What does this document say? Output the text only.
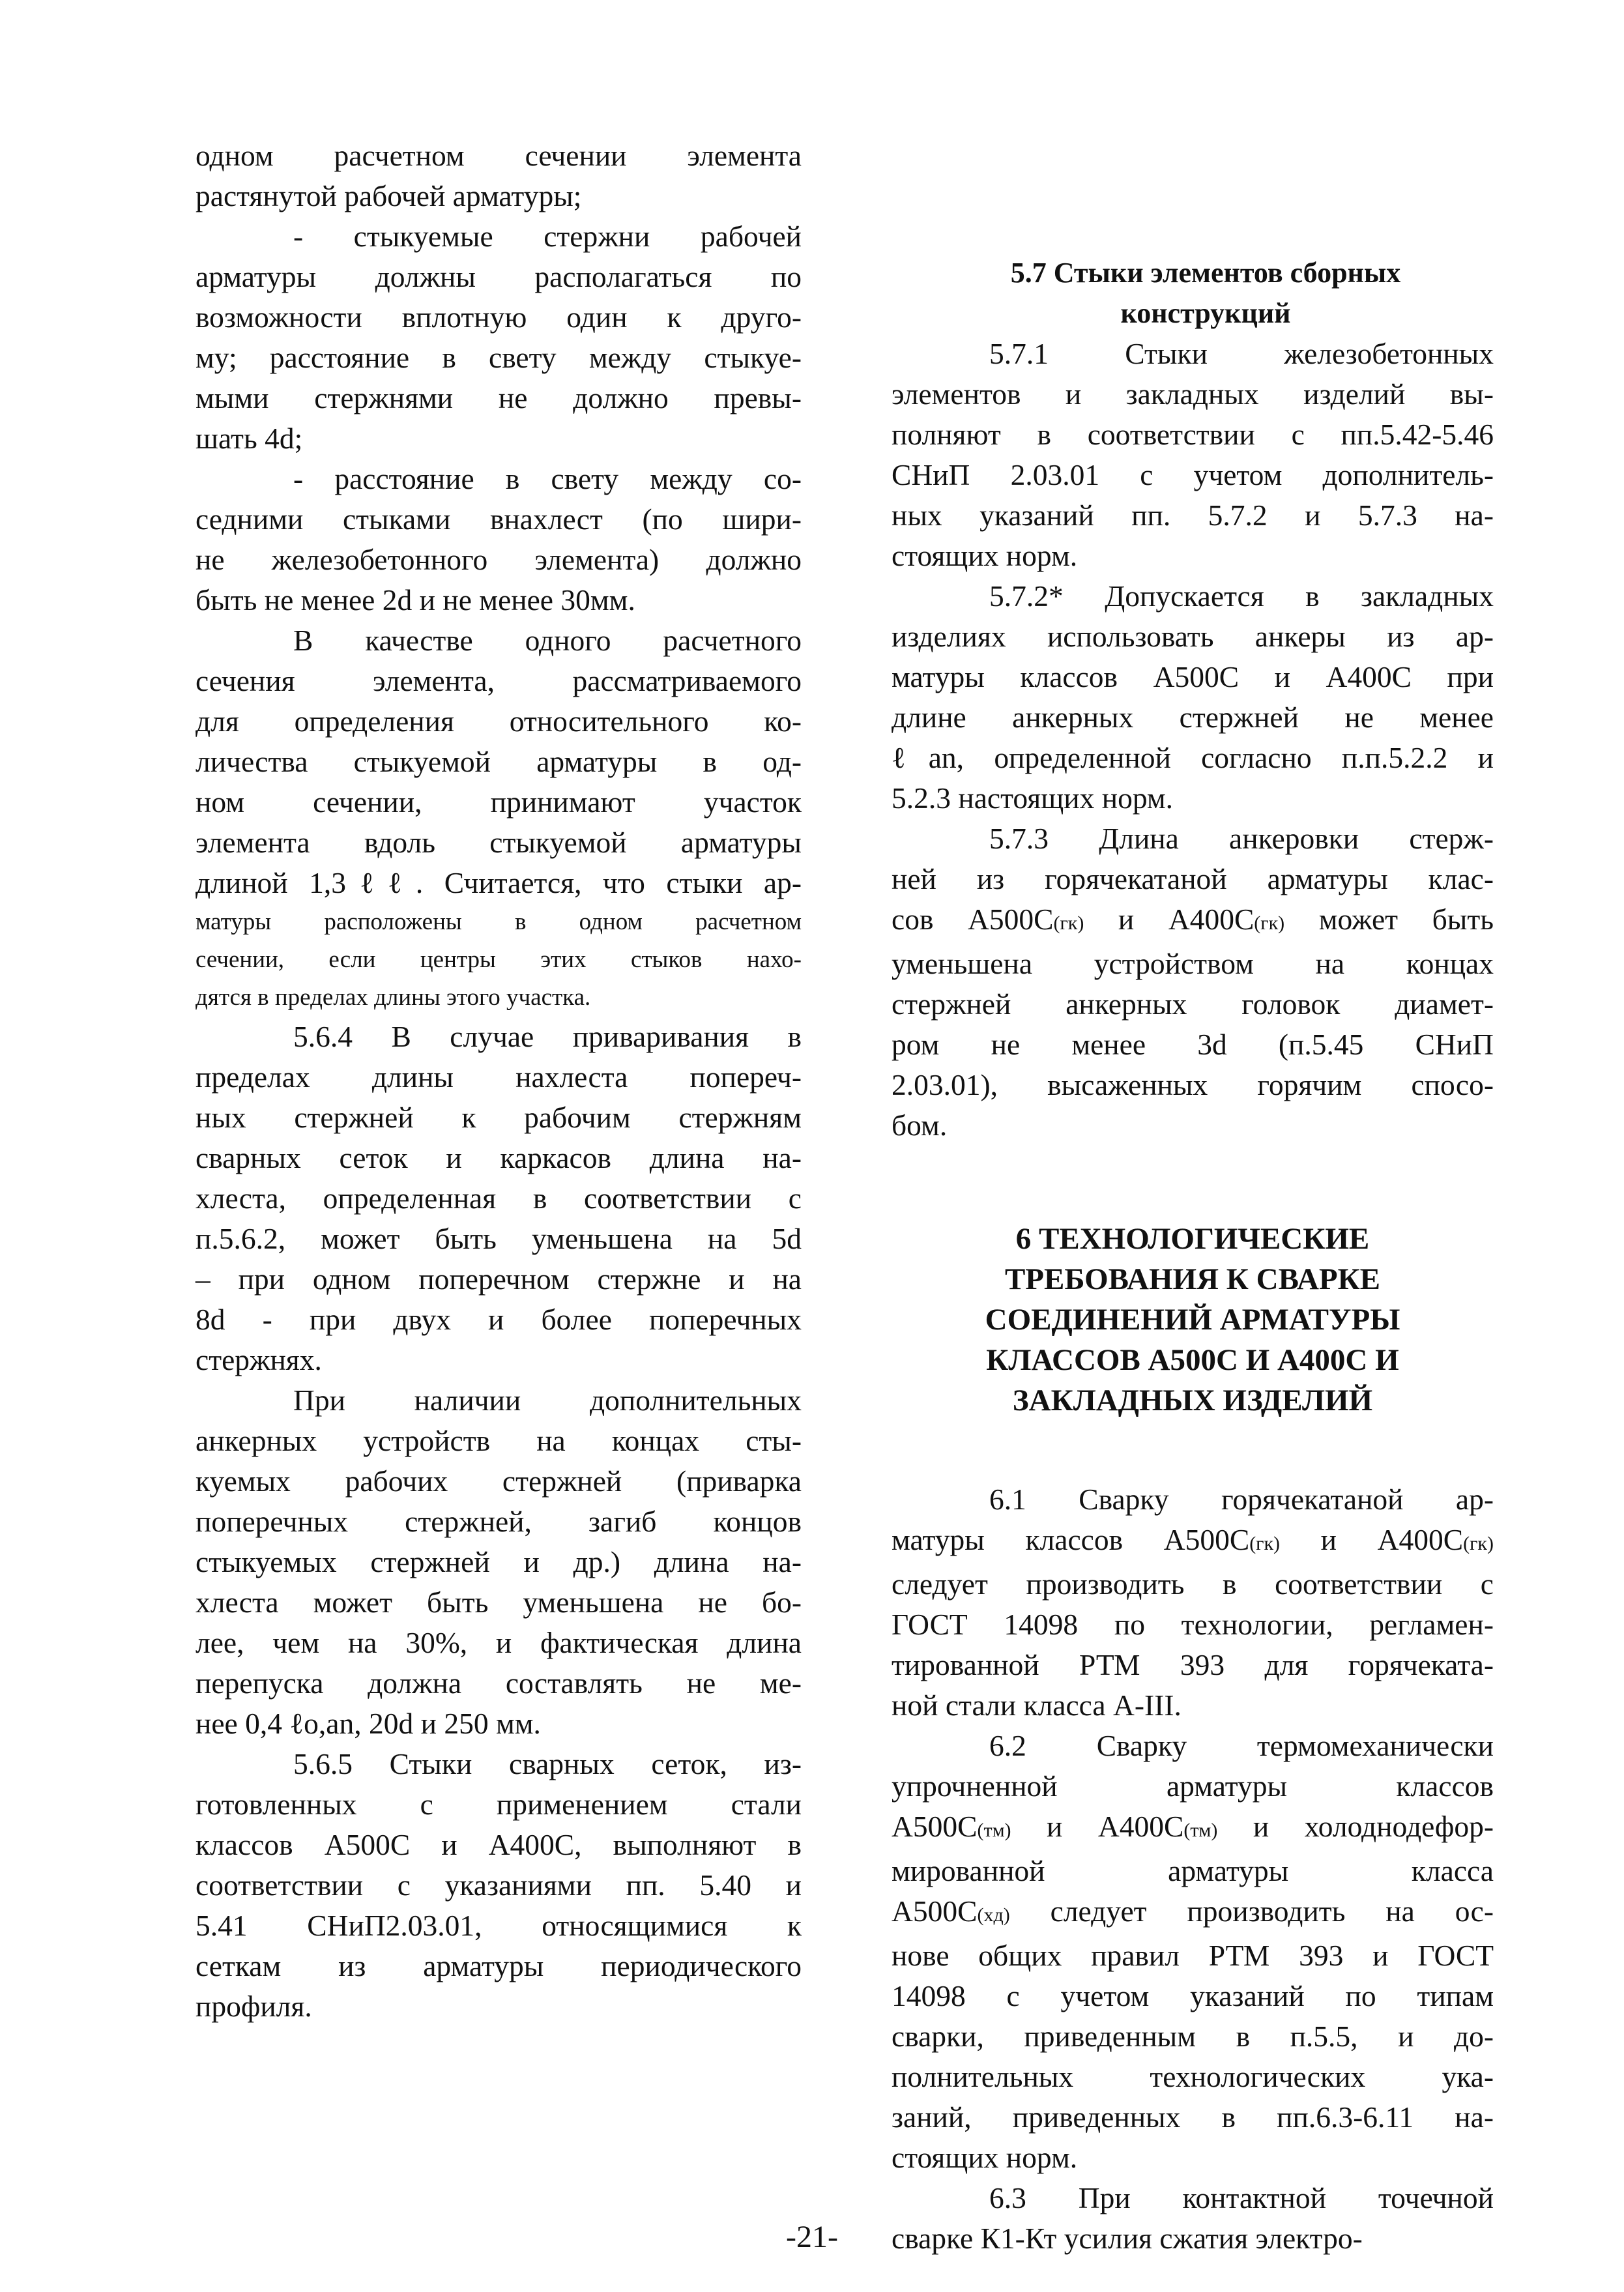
одном расчетном сечении элемента
растянутой рабочей арматуры;

- стыкуемые стержни рабочей
арматуры должны располагаться по
возможности вплотную один к друго-
му; расстояние в свету между стыкуе-
мыми стержнями не должно превы-
шать 4d;

- расстояние в свету между со-
седними стыками внахлест (по шири-
не железобетонного элемента) должно
быть не менее 2d и не менее 30мм.

В качестве одного расчетного
сечения элемента, рассматриваемого
для определения относительного ко-
личества стыкуемой арматуры в од-
ном сечении, принимают участок
элемента вдоль стыкуемой арматуры
длиной 1,3ℓℓ. Считается, что стыки ар-

матуры расположены в одном расчетном
сечении, если центры этих стыков нахо-
дятся в пределах длины этого участка.

5.6.4 В случае приваривания в
пределах длины нахлеста попереч-
ных стержней к рабочим стержням
сварных сеток и каркасов длина на-
хлеста, определенная в соответствии с
п.5.6.2, может быть уменьшена на 5d
– при одном поперечном стержне и на
8d - при двух и более поперечных
стержнях.

При наличии дополнительных
анкерных устройств на концах сты-
куемых рабочих стержней (приварка
поперечных стержней, загиб концов
стыкуемых стержней и др.) длина на-
хлеста может быть уменьшена не бо-
лее, чем на 30%, и фактическая длина
перепуска должна составлять не ме-
нее 0,4 ℓo,an, 20d и 250 мм.

5.6.5 Стыки сварных сеток, из-
готовленных с применением стали
классов А500С и А400С, выполняют в
соответствии с указаниями пп. 5.40 и
5.41 СНиП2.03.01, относящимися к
сеткам из арматуры периодического
профиля.

5.7 Стыки элементов сборных
конструкций

5.7.1 Стыки железобетонных
элементов и закладных изделий вы-
полняют в соответствии с пп.5.42-5.46
СНиП 2.03.01 с учетом дополнитель-
ных указаний пп. 5.7.2 и 5.7.3 на-
стоящих норм.

5.7.2* Допускается в закладных
изделиях использовать анкеры из ар-
матуры классов А500С и А400С при
длине анкерных стержней не менее
ℓan, определенной согласно п.п.5.2.2 и
5.2.3 настоящих норм.

5.7.3 Длина анкеровки стерж-
ней из горячекатаной арматуры клас-
сов А500С(гк) и А400С(гк) может быть
уменьшена устройством на концах
стержней анкерных головок диамет-
ром не менее 3d (п.5.45 СНиП
2.03.01), высаженных горячим спосо-
бом.

6 ТЕХНОЛОГИЧЕСКИЕ
ТРЕБОВАНИЯ К СВАРКЕ
СОЕДИНЕНИЙ АРМАТУРЫ
КЛАССОВ А500С И А400С И
ЗАКЛАДНЫХ ИЗДЕЛИЙ

6.1 Сварку горячекатаной ар-
матуры классов А500С(гк) и А400С(гк)
следует производить в соответствии с
ГОСТ 14098 по технологии, регламен-
тированной РТМ 393 для горячеката-
ной стали класса А-III.

6.2 Сварку термомеханически
упрочненной арматуры классов
А500С(тм) и А400С(тм) и холоднодефор-
мированной арматуры класса
А500С(хд) следует производить на ос-
нове общих правил РТМ 393 и ГОСТ
14098 с учетом указаний по типам
сварки, приведенным в п.5.5, и до-
полнительных технологических ука-
заний, приведенных в пп.6.3-6.11 на-
стоящих норм.

6.3 При контактной точечной
сварке К1-Кт усилия сжатия электро-

-21-
